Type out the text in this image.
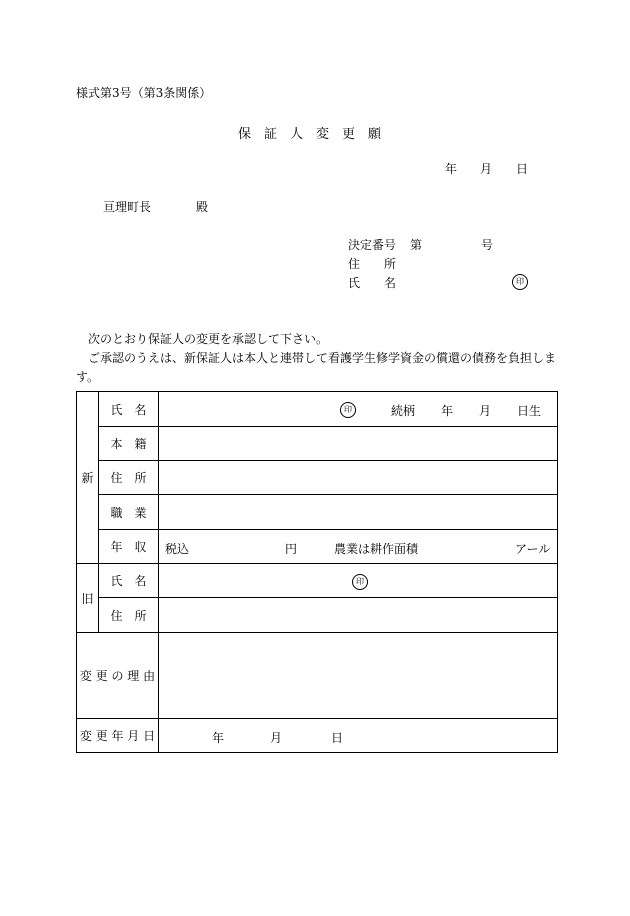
様式第3号（第3条関係）
保　証　人　変　更　願
年 月 日
亘理町長	殿
決定番号 第	号
住　　所
氏　　名	印
次のとおり保証人の変更を承認して下さい。
ご承認のうえは、新保証人は本人と連帯して看護学生修学資金の償還の債務を負担しま
す。
新	氏　名	印 続柄 年 月 日生

	本　籍	
	住　所	
	職　業	
	年　収	税込 円 農業は耕作面積 アール

旧	氏　名	印

	住　所	
変 更 の 理 由		
変 更 年 月 日		年 月 日
